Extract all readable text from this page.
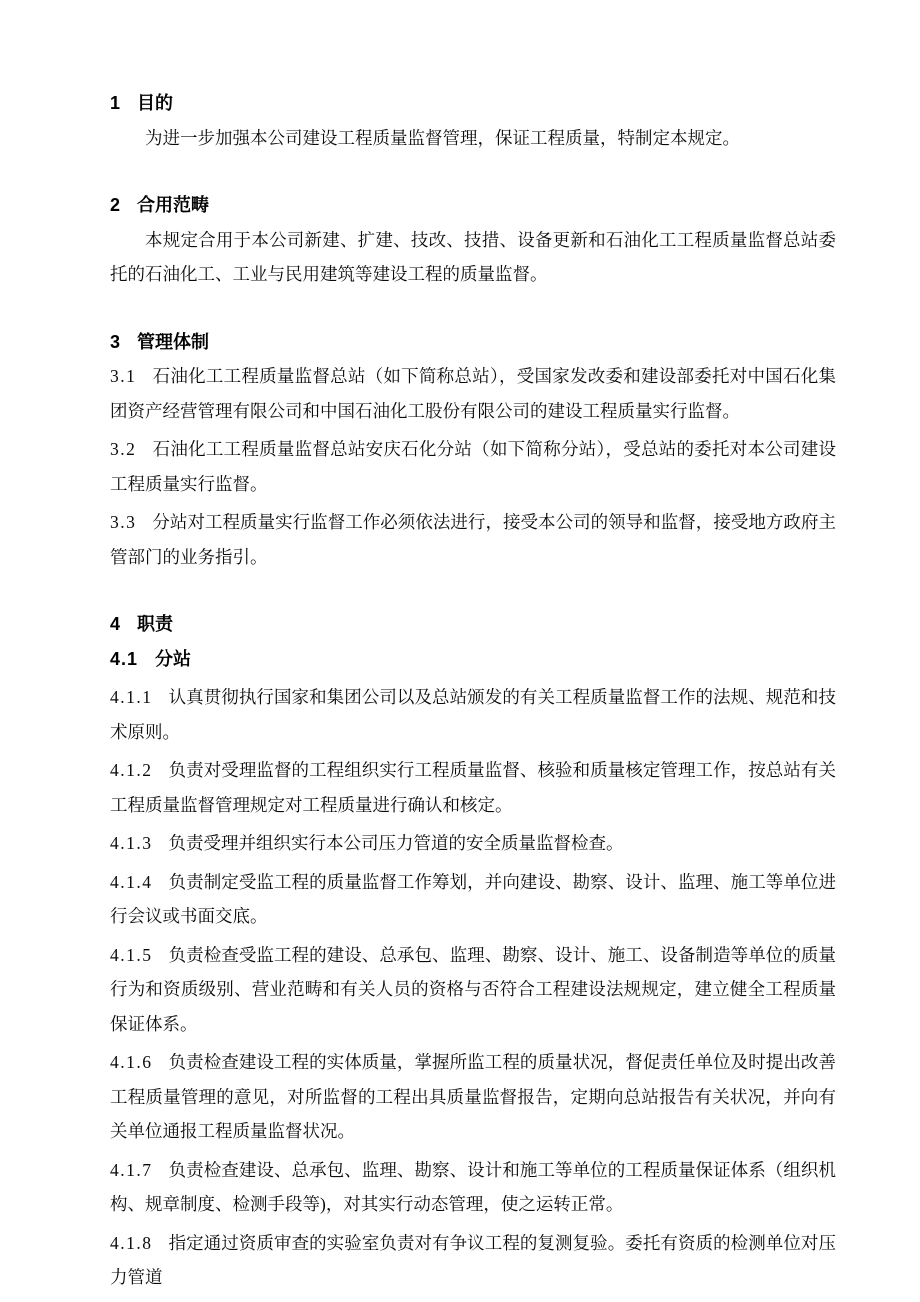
1 目的

为进一步加强本公司建设工程质量监督管理，保证工程质量，特制定本规定。

2 合用范畴

本规定合用于本公司新建、扩建、技改、技措、设备更新和石油化工工程质量监督总站委托的石油化工、工业与民用建筑等建设工程的质量监督。

3 管理体制

3.1 石油化工工程质量监督总站（如下简称总站），受国家发改委和建设部委托对中国石化集团资产经营管理有限公司和中国石油化工股份有限公司的建设工程质量实行监督。

3.2 石油化工工程质量监督总站安庆石化分站（如下简称分站），受总站的委托对本公司建设工程质量实行监督。

3.3 分站对工程质量实行监督工作必须依法进行，接受本公司的领导和监督，接受地方政府主管部门的业务指引。

4 职责

4.1 分站

4.1.1 认真贯彻执行国家和集团公司以及总站颁发的有关工程质量监督工作的法规、规范和技术原则。

4.1.2 负责对受理监督的工程组织实行工程质量监督、核验和质量核定管理工作，按总站有关工程质量监督管理规定对工程质量进行确认和核定。

4.1.3 负责受理并组织实行本公司压力管道的安全质量监督检查。

4.1.4 负责制定受监工程的质量监督工作筹划，并向建设、勘察、设计、监理、施工等单位进行会议或书面交底。

4.1.5 负责检查受监工程的建设、总承包、监理、勘察、设计、施工、设备制造等单位的质量行为和资质级别、营业范畴和有关人员的资格与否符合工程建设法规规定，建立健全工程质量保证体系。

4.1.6 负责检查建设工程的实体质量，掌握所监工程的质量状况，督促责任单位及时提出改善工程质量管理的意见，对所监督的工程出具质量监督报告，定期向总站报告有关状况，并向有关单位通报工程质量监督状况。

4.1.7 负责检查建设、总承包、监理、勘察、设计和施工等单位的工程质量保证体系（组织机构、规章制度、检测手段等)，对其实行动态管理，使之运转正常。

4.1.8 指定通过资质审查的实验室负责对有争议工程的复测复验。委托有资质的检测单位对压力管道
